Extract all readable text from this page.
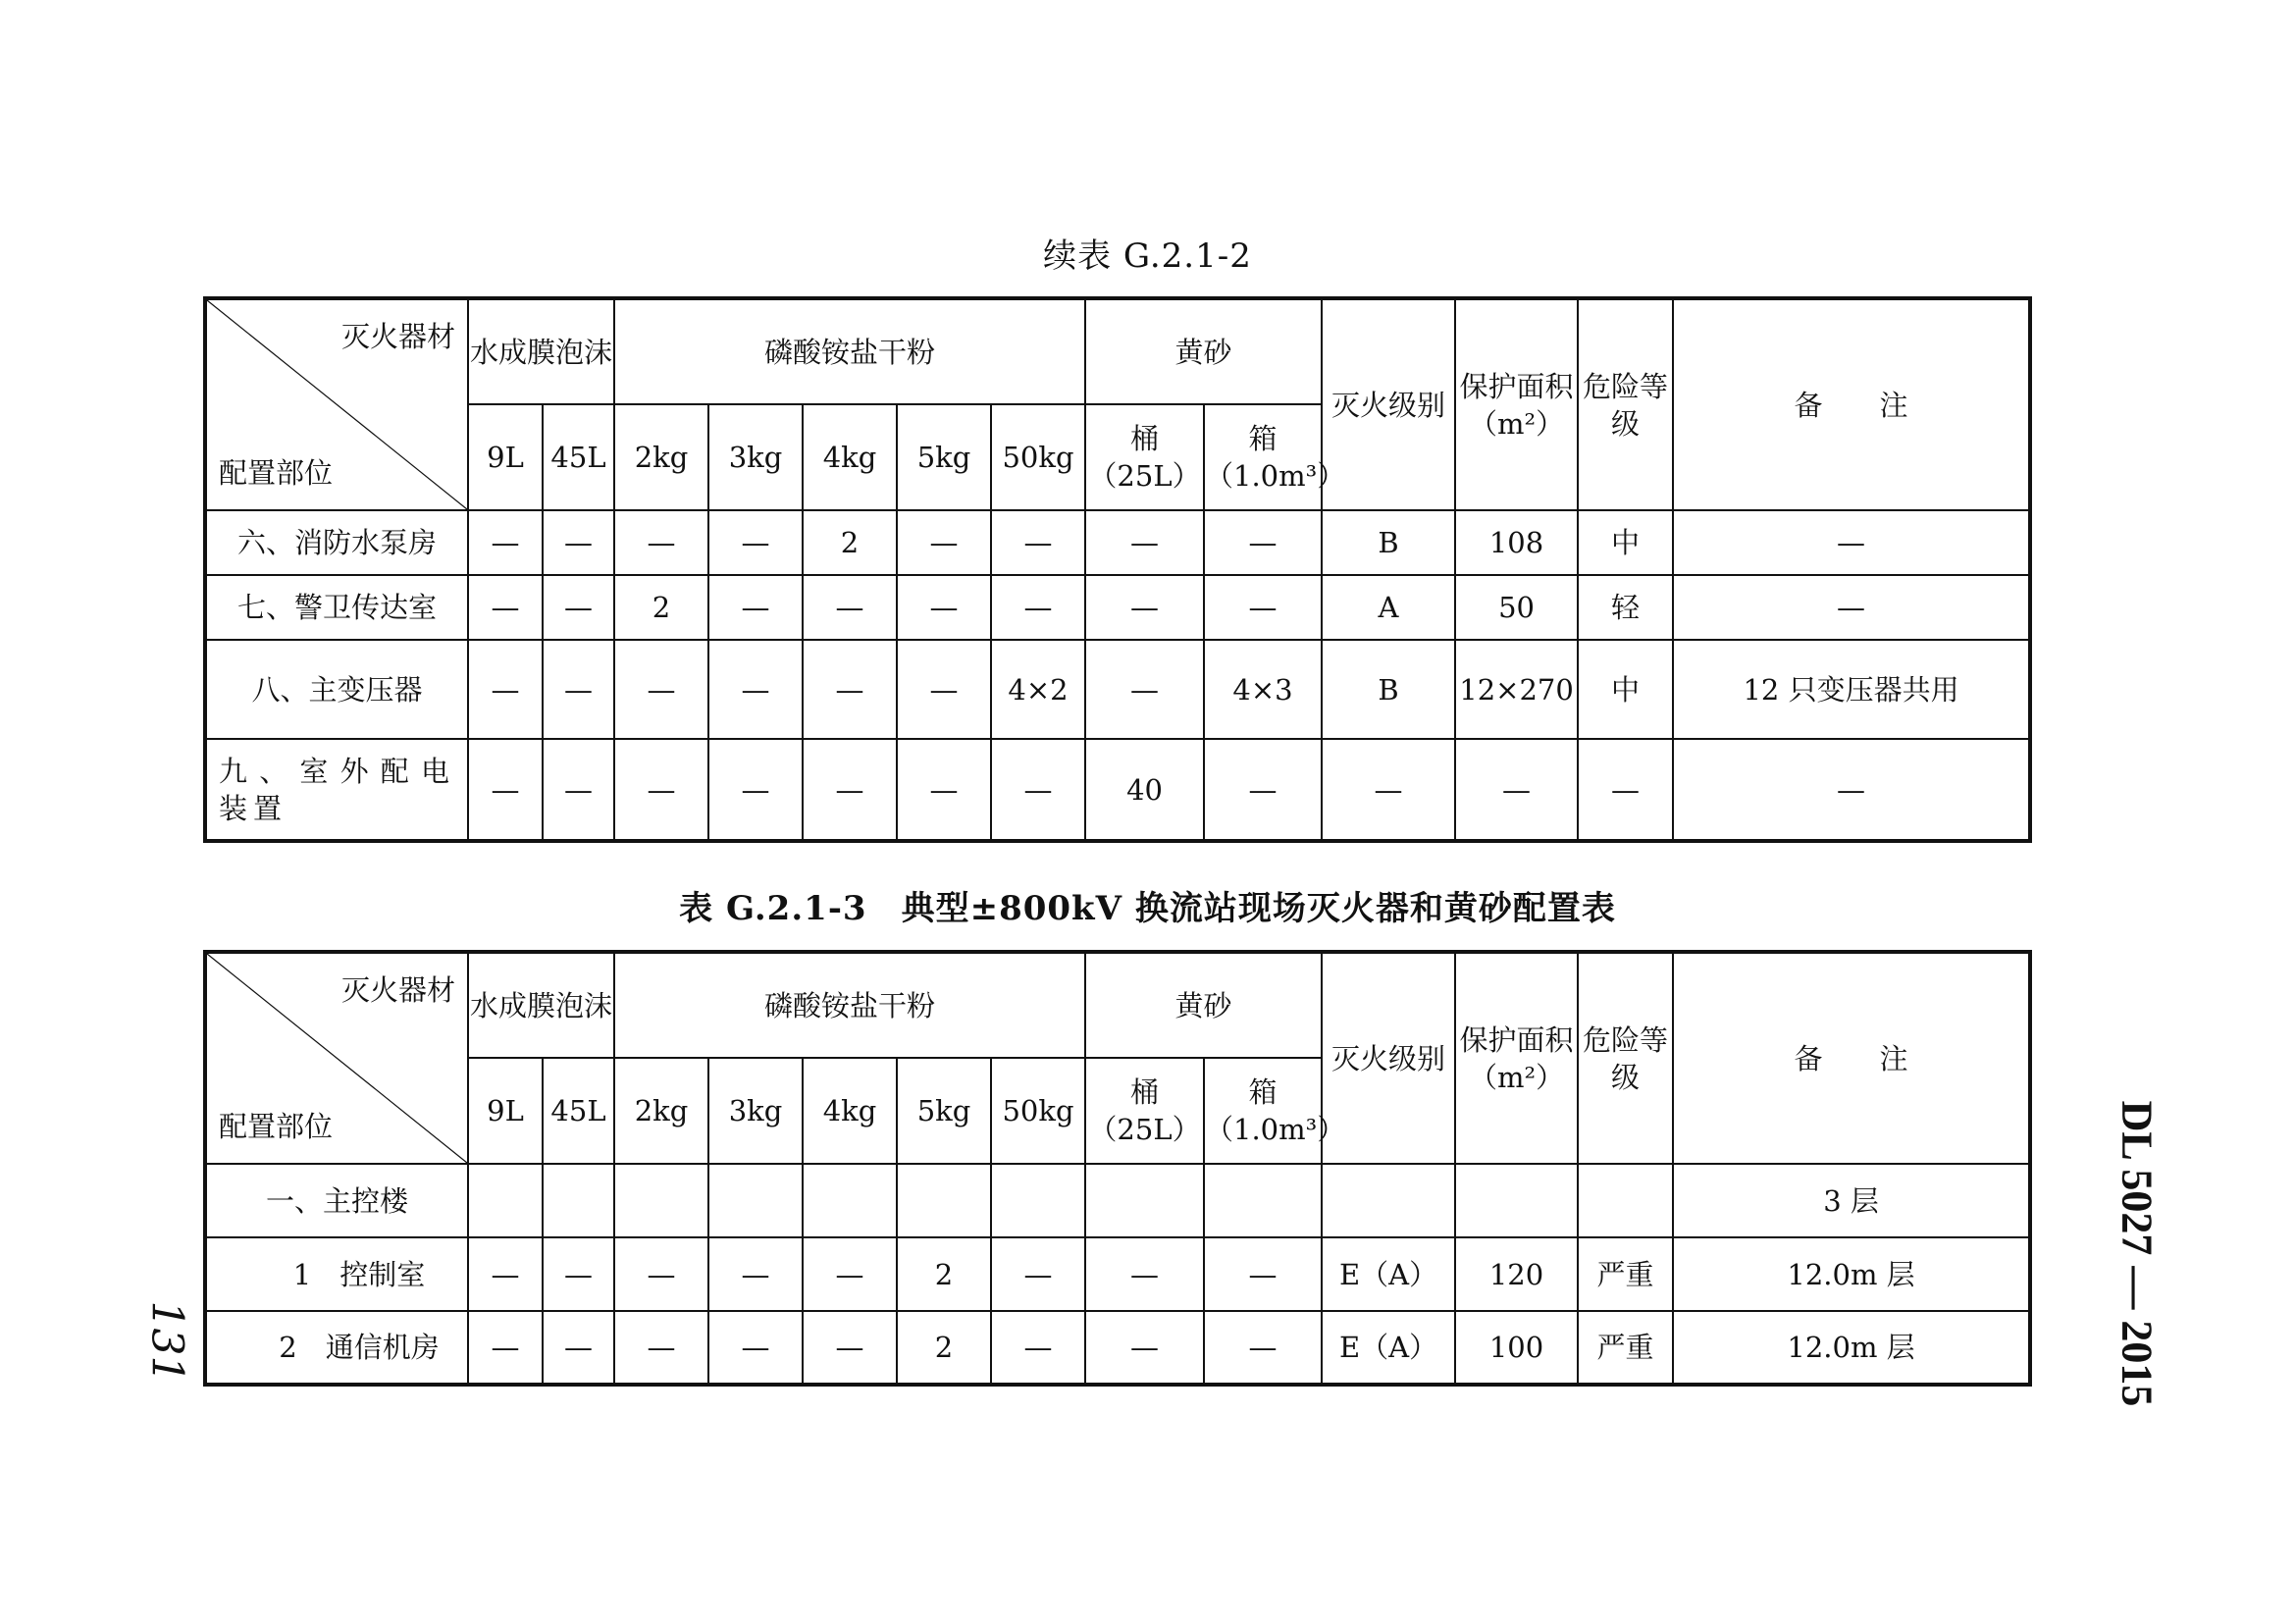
续表 G.2.1-2
灭火器材
配置部位	水成膜泡沫		磷酸铵盐干粉					黄砂		灭火级别	保护面积（m²）	危险等级	备　　注
	9L	45L	2kg	3kg	4kg	5kg	50kg	桶（25L）	箱（1.0m³）				
六、消防水泵房	—	—	—	—	2	—	—	—	—	B	108	中	—
七、警卫传达室	—	—	2	—	—	—	—	—	—	A	50	轻	—
八、主变压器	—	—	—	—	—	—	4×2	—	4×3	B	12×270	中	12 只变压器共用
九、室外配电装置	—	—	—	—	—	—	—	40	—	—	—	—	—
表 G.2.1-3　典型±800kV 换流站现场灭火器和黄砂配置表
灭火器材
配置部位	水成膜泡沫		磷酸铵盐干粉					黄砂		灭火级别	保护面积（m²）	危险等级	备　　注
	9L	45L	2kg	3kg	4kg	5kg	50kg	桶（25L）	箱（1.0m³）				
一、主控楼													3 层
1　控制室	—	—	—	—	—	2	—	—	—	E（A）	120	严重	12.0m 层
2　通信机房	—	—	—	—	—	2	—	—	—	E（A）	100	严重	12.0m 层
131	DL 5027 — 2015
